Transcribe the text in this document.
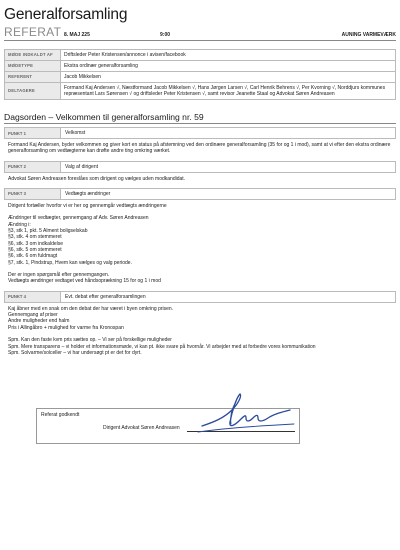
Generalforsamling
REFERAT 8. MAJ 225	9:00	AUNING VARMEVÆRK
MØDE INDKALDT AF	Driftsleder Peter Kristensen/annonce i avisen/facebook
MØDETYPE	Ekstra ordinær generalforsamling
REFERENT	Jacob Mikkelsen
DELTAGERE	Formand Kaj Andersen √, Næstformand Jacob Mikkelsen √, Hans Jørgen Larsen √, Carl Henrik Behrens √, Per Kvorning √, Norddjurs kommunes repræsentant Lars Sørensen √ og driftsleder Peter Kristensen √, samt revisor Jeanette Staal og Advokat Søren Andreasen
Dagsorden – Velkommen til generalforsamling nr. 59
PUNKT 1	Velkomst
Formand Kaj Andersen, byder velkommen og giver kort en status på afstemning ved den ordinære generalforsamling (35 for og 1 i mod), samt at vi efter den ekstra ordinære generalforsamling om vedtægterne kan drøfte andre ting omkring værket.
PUNKT 2	Valg af dirigent
Advokat Søren Andreasen foreslåes som dirigent og vælges uden modkandidat.
PUNKT 3	Vedtægts ændringer
Dirigent fortæller hvorfor vi er her og gennemgår vedtægts ændringerne
Ændringer til vedtægter, gennemgang af Adv. Søren Andreasen
Ændring i:
§3, stk 1, pkt. 5 Alment boligselskab
§3, stk. 4 om stemmeret
§6, stk. 3 om indkaldelse
§6, stk. 5 om stemmeret
§6, stk. 6 om fuldmagt
§7, stk. 1, Pindstrup, Hvem kan vælges og valg periode.
Der er ingen spørgsmål efter gennemgangen.
Vedtægts ændringer vedtaget ved håndsoprækning 15 for og 1 i mod
PUNKT 4	Evt. debat efter generalforsamlingen
Kaj åbner med en snak om den debat der har været i byen omkring prisen.
Gennemgang af priser
Andre muligheder end halm
Pris i Allingåbro + mulighed for varme fra Kronospan
Spm. Kan den faste kvm pris sættes op. – Vi ser på forskellige muligheder
Spm. Mere transparens – vi holder et informationsmøde, vi kan pt. ikke svare på hvornår. Vi arbejder med at forbedre vores kommunikation
Spm. Solvarme/solceller – vi har undersøgt pt er det for dyrt.
Referat godkendt
Dirigent Advokat Søren Andreasen
